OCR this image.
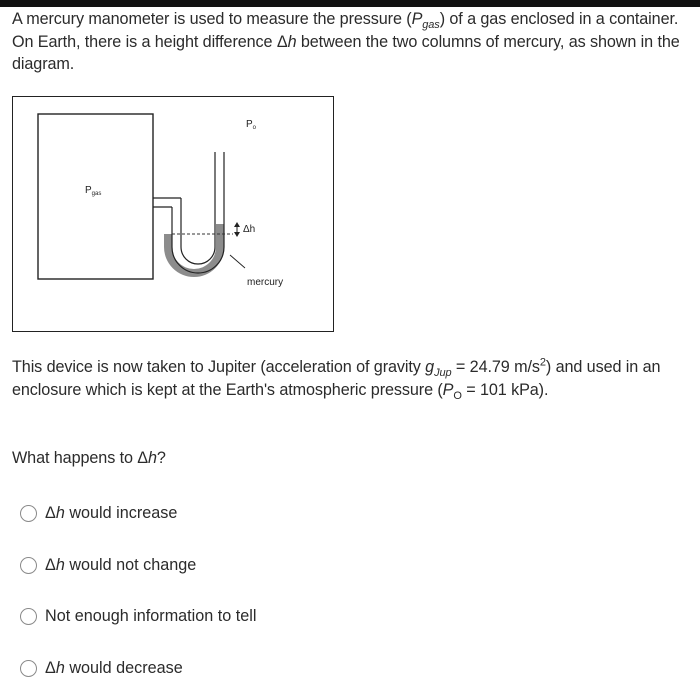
A mercury manometer is used to measure the pressure $(P_{gas})$ of a gas enclosed in a container. On Earth, there is a height difference Δh between the two columns of mercury, as shown in the diagram.
$P_{gas}$
$P_o$
Δh
mercury
This device is now taken to Jupiter (acceleration of gravity $g_{Jup} = 24.79$ $m/s^2$) and used in an enclosure which is kept at the Earth's atmospheric pressure ($P_O = 101$ kPa).
What happens to Δh?
Δh would increase
Δh would not change
Not enough information to tell
Δh would decrease
